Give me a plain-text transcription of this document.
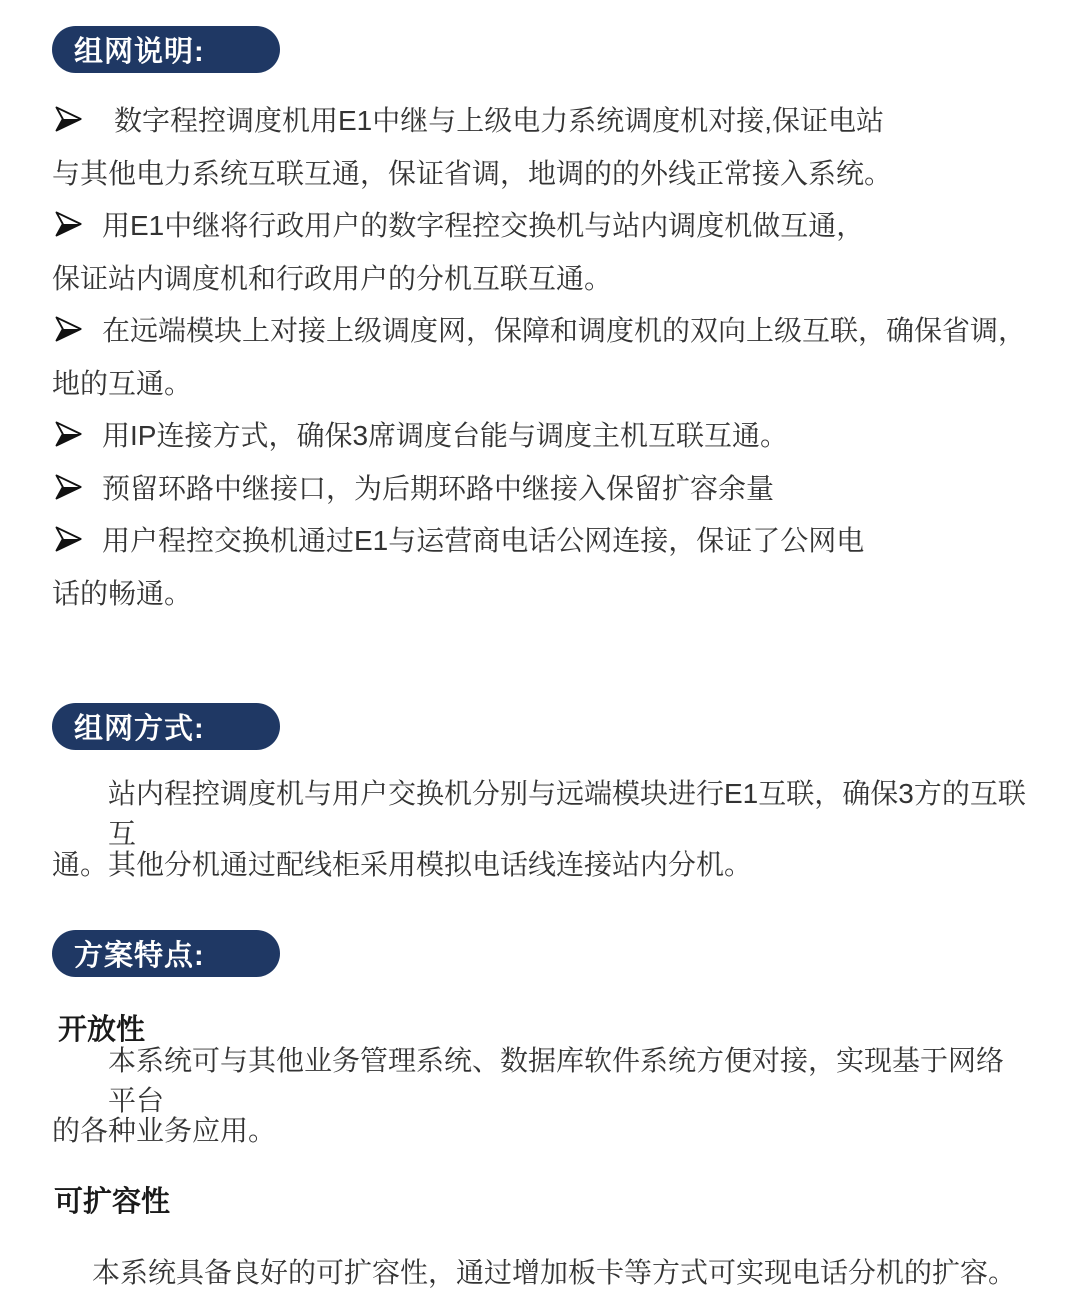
组网说明:
数字程控调度机用E1中继与上级电力系统调度机对接,保证电站
与其他电力系统互联互通，保证省调，地调的的外线正常接入系统。
用E1中继将行政用户的数字程控交换机与站内调度机做互通，
保证站内调度机和行政用户的分机互联互通。
在远端模块上对接上级调度网，保障和调度机的双向上级互联，确保省调，
地的互通。
用IP连接方式，确保3席调度台能与调度主机互联互通。
预留环路中继接口，为后期环路中继接入保留扩容余量
用户程控交换机通过E1与运营商电话公网连接，保证了公网电
话的畅通。
组网方式:
站内程控调度机与用户交换机分别与远端模块进行E1互联，确保3方的互联互
通。其他分机通过配线柜采用模拟电话线连接站内分机。
方案特点:
开放性
本系统可与其他业务管理系统、数据库软件系统方便对接，实现基于网络平台
的各种业务应用。
可扩容性
本系统具备良好的可扩容性，通过增加板卡等方式可实现电话分机的扩容。
